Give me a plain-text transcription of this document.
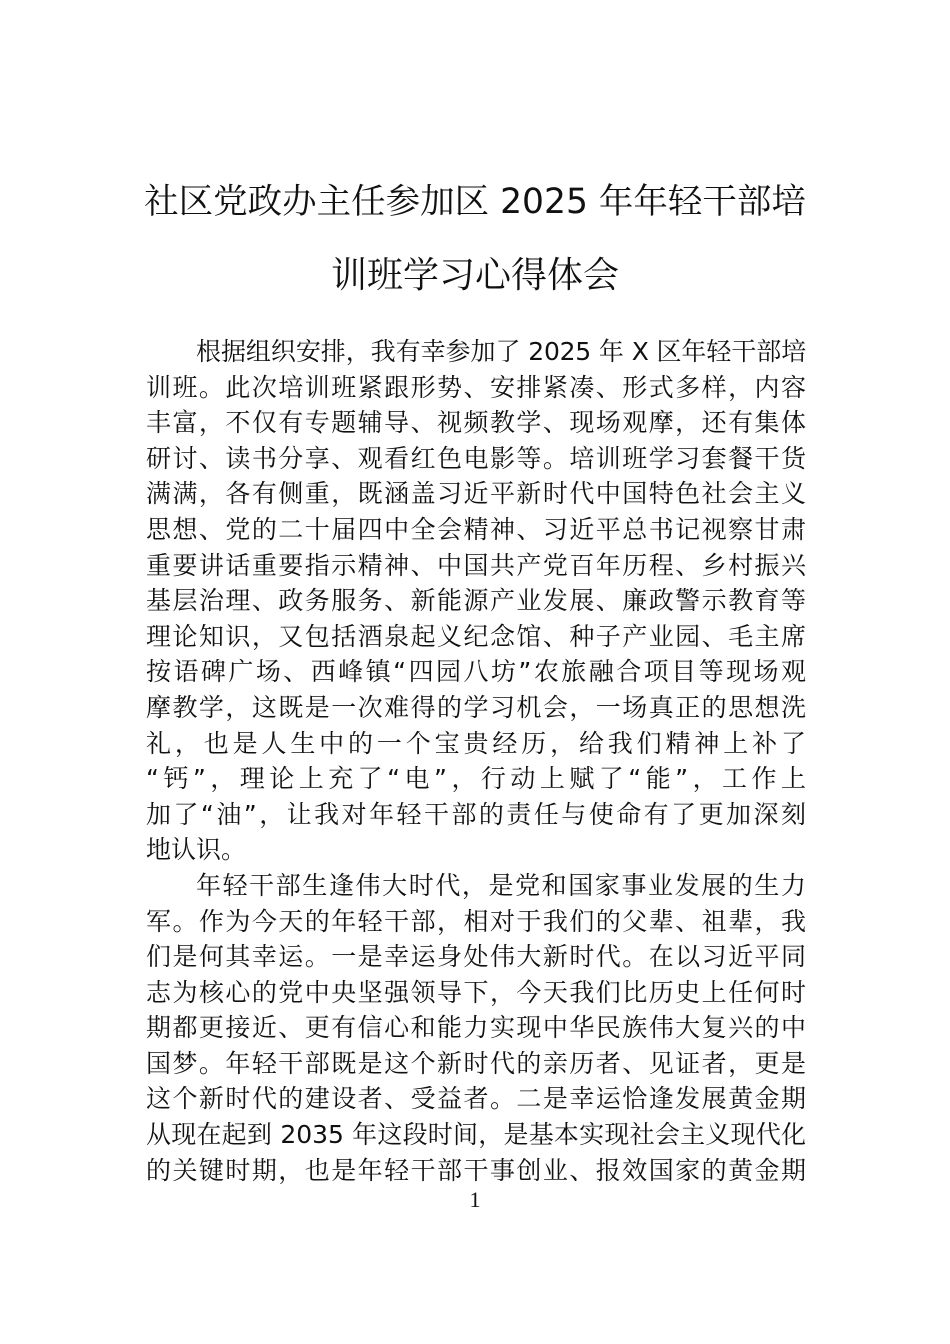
社区党政办主任参加区 2025 年年轻干部培
训班学习心得体会
根据组织安排，我有幸参加了 2025 年 X 区年轻干部培
训班。此次培训班紧跟形势、安排紧凑、形式多样，内容
丰富，不仅有专题辅导、视频教学、现场观摩，还有集体
研讨、读书分享、观看红色电影等。培训班学习套餐干货
满满，各有侧重，既涵盖习近平新时代中国特色社会主义
思想、党的二十届四中全会精神、习近平总书记视察甘肃
重要讲话重要指示精神、中国共产党百年历程、乡村振兴
基层治理、政务服务、新能源产业发展、廉政警示教育等
理论知识，又包括酒泉起义纪念馆、种子产业园、毛主席
按语碑广场、西峰镇“四园八坊”农旅融合项目等现场观
摩教学，这既是一次难得的学习机会，一场真正的思想洗
礼，也是人生中的一个宝贵经历，给我们精神上补了
“钙”，理论上充了“电”，行动上赋了“能”，工作上
加了“油”，让我对年轻干部的责任与使命有了更加深刻
地认识。
年轻干部生逢伟大时代，是党和国家事业发展的生力
军。作为今天的年轻干部，相对于我们的父辈、祖辈，我
们是何其幸运。一是幸运身处伟大新时代。在以习近平同
志为核心的党中央坚强领导下，今天我们比历史上任何时
期都更接近、更有信心和能力实现中华民族伟大复兴的中
国梦。年轻干部既是这个新时代的亲历者、见证者，更是
这个新时代的建设者、受益者。二是幸运恰逢发展黄金期
从现在起到 2035 年这段时间，是基本实现社会主义现代化
的关键时期，也是年轻干部干事创业、报效国家的黄金期
1
